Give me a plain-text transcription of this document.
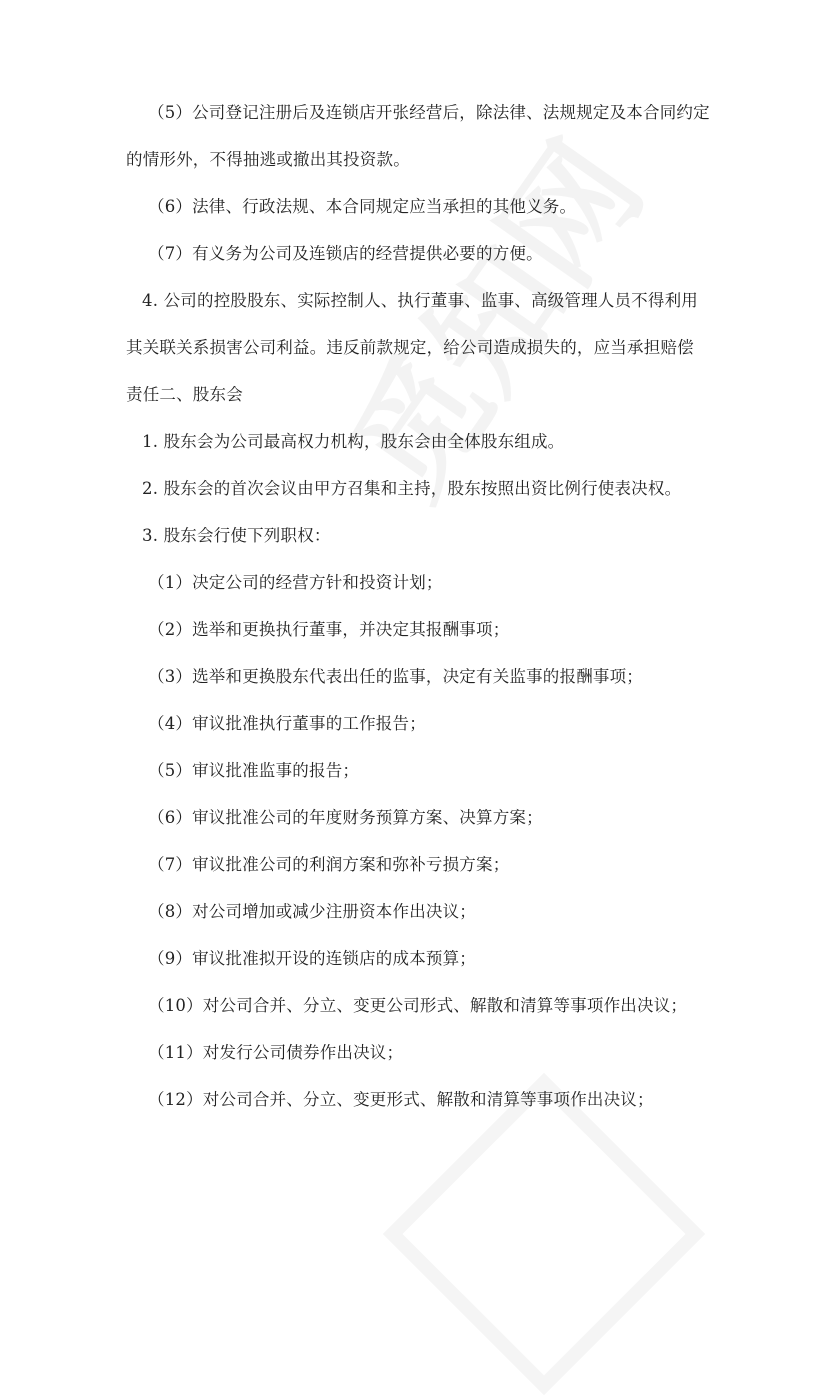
（5）公司登记注册后及连锁店开张经营后，除法律、法规规定及本合同约定
的情形外，不得抽逃或撤出其投资款。
（6）法律、行政法规、本合同规定应当承担的其他义务。
（7）有义务为公司及连锁店的经营提供必要的方便。
4. 公司的控股股东、实际控制人、执行董事、监事、高级管理人员不得利用
其关联关系损害公司利益。违反前款规定，给公司造成损失的，应当承担赔偿
责任二、股东会
1. 股东会为公司最高权力机构，股东会由全体股东组成。
2. 股东会的首次会议由甲方召集和主持，股东按照出资比例行使表决权。
3. 股东会行使下列职权：
（1）决定公司的经营方针和投资计划；
（2）选举和更换执行董事，并决定其报酬事项；
（3）选举和更换股东代表出任的监事，决定有关监事的报酬事项；
（4）审议批准执行董事的工作报告；
（5）审议批准监事的报告；
（6）审议批准公司的年度财务预算方案、决算方案；
（7）审议批准公司的利润方案和弥补亏损方案；
（8）对公司增加或减少注册资本作出决议；
（9）审议批准拟开设的连锁店的成本预算；
（10）对公司合并、分立、变更公司形式、解散和清算等事项作出决议；
（11）对发行公司债券作出决议；
（12）对公司合并、分立、变更形式、解散和清算等事项作出决议；
